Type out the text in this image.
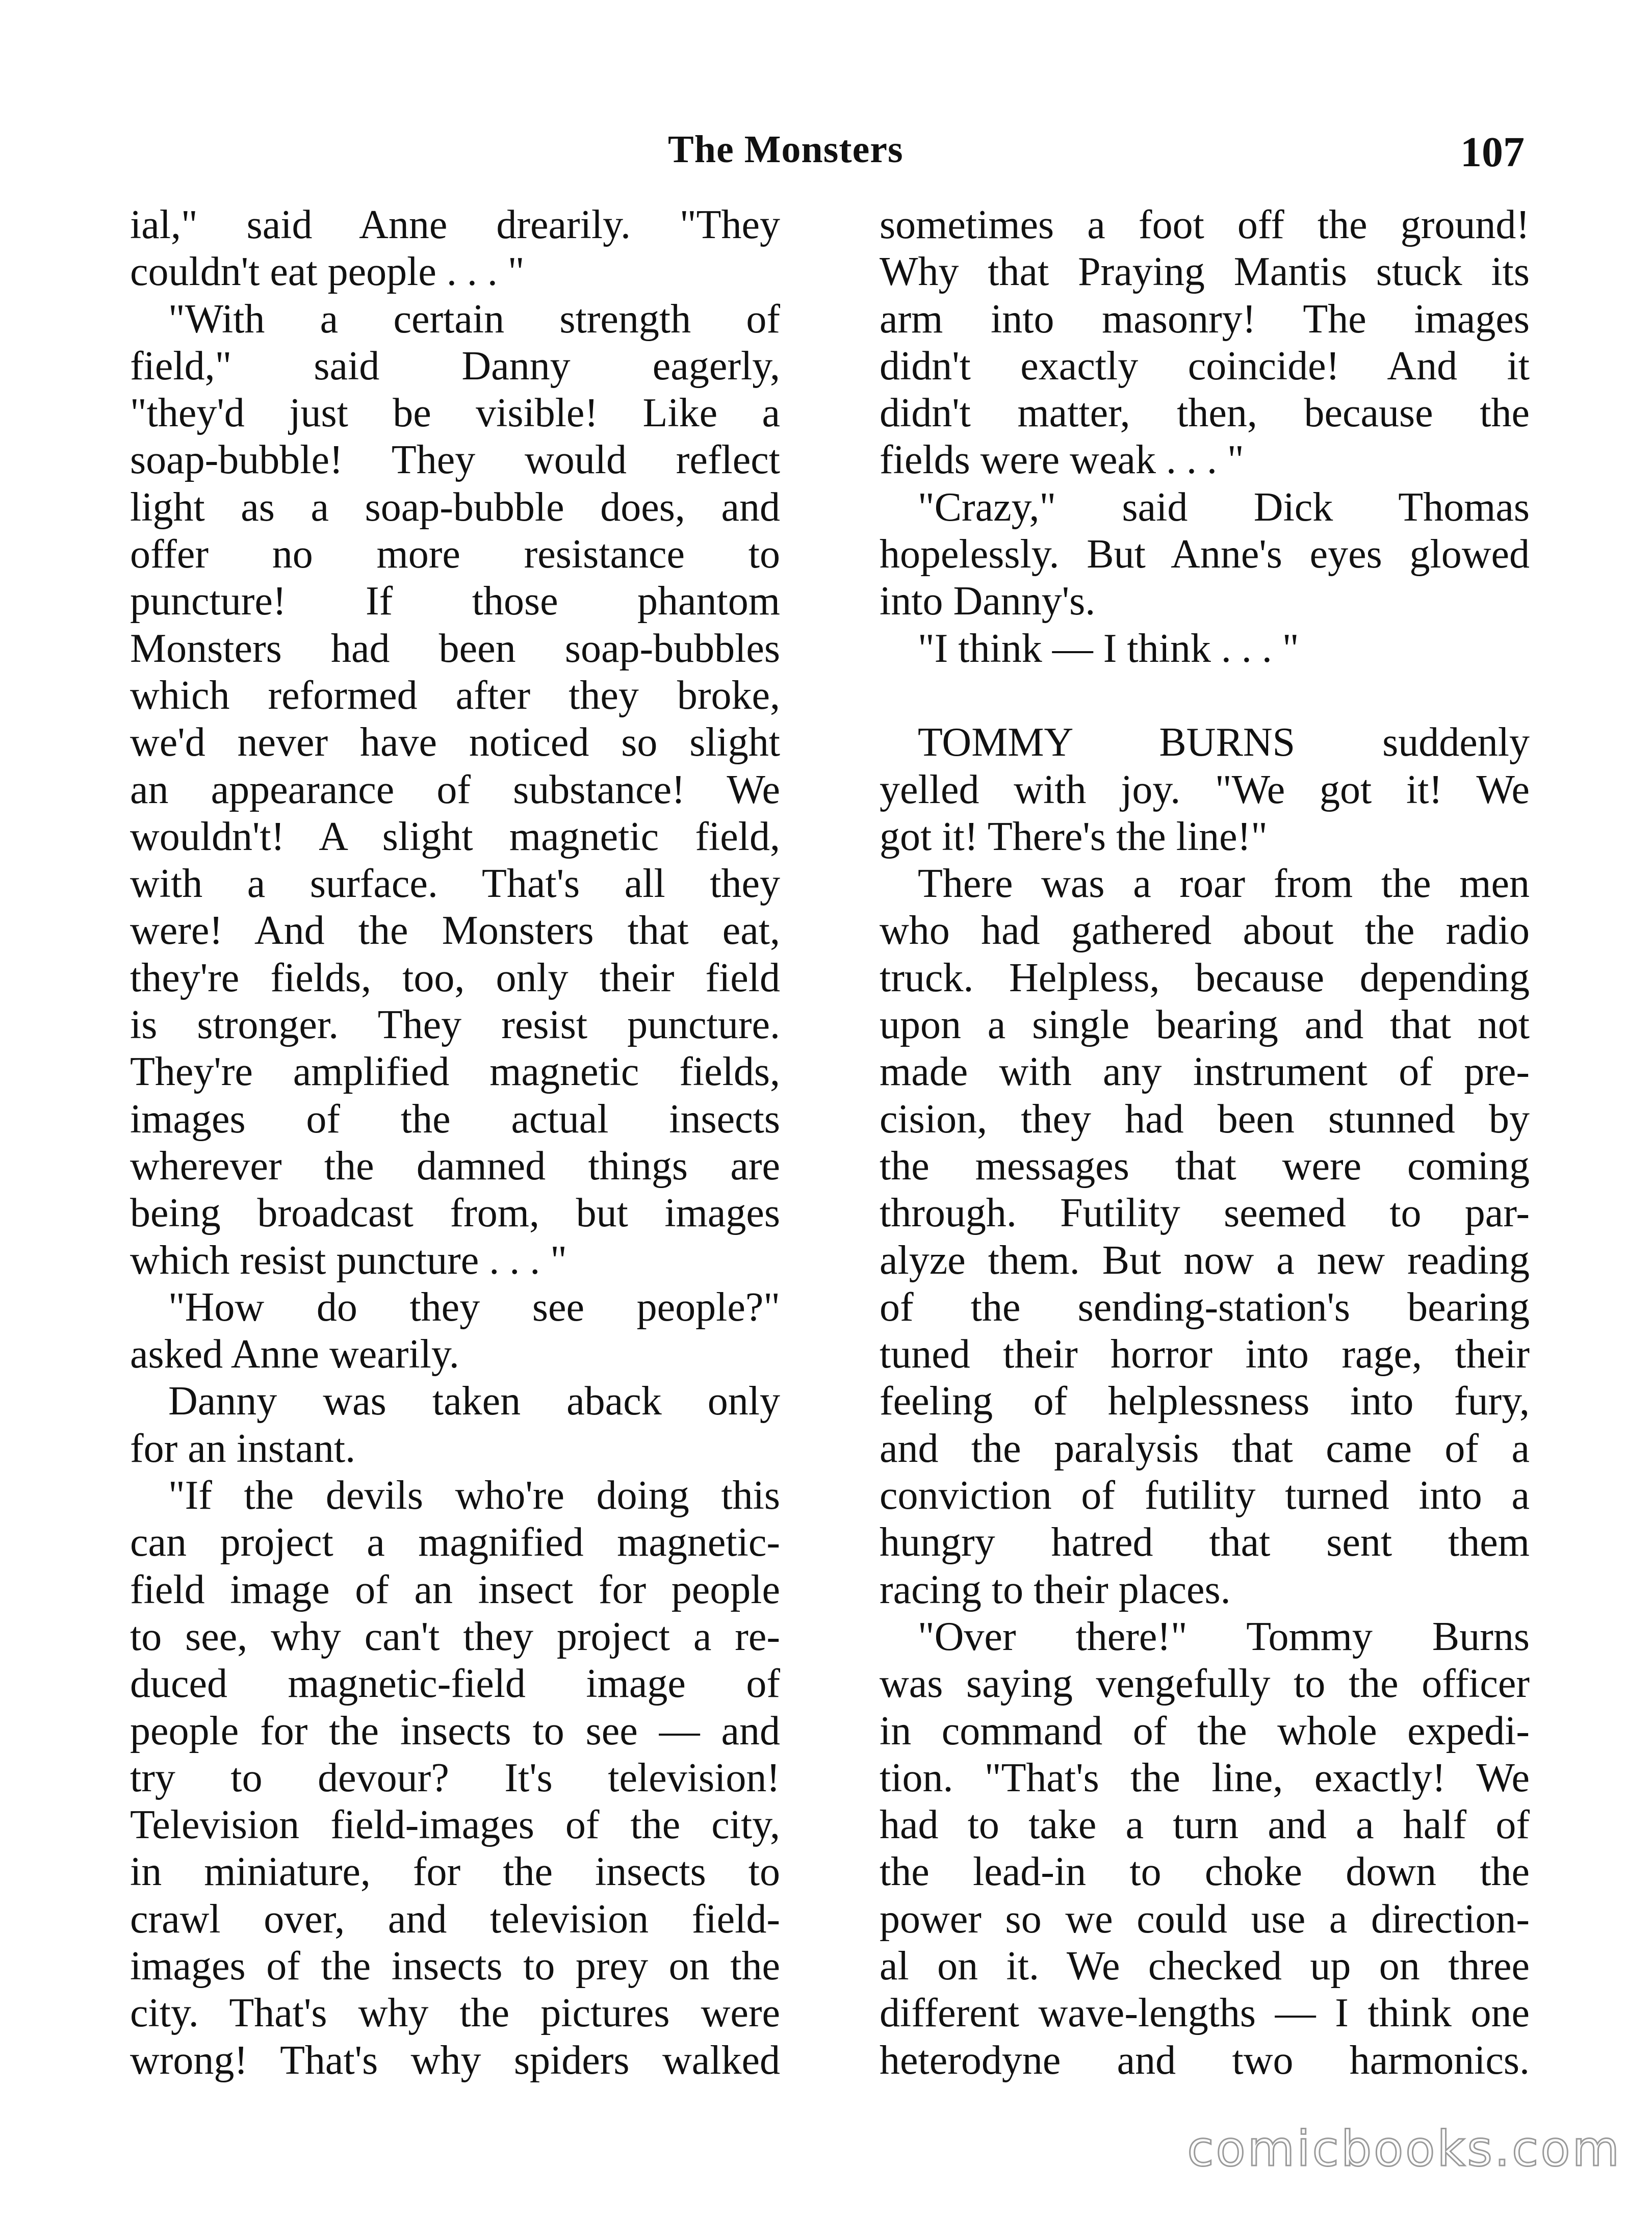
The Monsters	107
ial," said Anne drearily. "They
couldn't eat people . . . "
"With a certain strength of
field," said Danny eagerly,
"they'd just be visible! Like a
soap-bubble! They would reflect
light as a soap-bubble does, and
offer no more resistance to
puncture! If those phantom
Monsters had been soap-bubbles
which reformed after they broke,
we'd never have noticed so slight
an appearance of substance! We
wouldn't! A slight magnetic field,
with a surface. That's all they
were! And the Monsters that eat,
they're fields, too, only their field
is stronger. They resist puncture.
They're amplified magnetic fields,
images of the actual insects
wherever the damned things are
being broadcast from, but images
which resist puncture . . . "
"How do they see people?"
asked Anne wearily.
Danny was taken aback only
for an instant.
"If the devils who're doing this
can project a magnified magnetic-
field image of an insect for people
to see, why can't they project a re-
duced magnetic-field image of
people for the insects to see — and
try to devour? It's television!
Television field-images of the city,
in miniature, for the insects to
crawl over, and television field-
images of the insects to prey on the
city. That's why the pictures were
wrong! That's why spiders walked
sometimes a foot off the ground!
Why that Praying Mantis stuck its
arm into masonry! The images
didn't exactly coincide! And it
didn't matter, then, because the
fields were weak . . . "
"Crazy," said Dick Thomas
hopelessly. But Anne's eyes glowed
into Danny's.
"I think — I think . . . "
TOMMY BURNS suddenly
yelled with joy. "We got it! We
got it! There's the line!"
There was a roar from the men
who had gathered about the radio
truck. Helpless, because depending
upon a single bearing and that not
made with any instrument of pre-
cision, they had been stunned by
the messages that were coming
through. Futility seemed to par-
alyze them. But now a new reading
of the sending-station's bearing
tuned their horror into rage, their
feeling of helplessness into fury,
and the paralysis that came of a
conviction of futility turned into a
hungry hatred that sent them
racing to their places.
"Over there!" Tommy Burns
was saying vengefully to the officer
in command of the whole expedi-
tion. "That's the line, exactly! We
had to take a turn and a half of
the lead-in to choke down the
power so we could use a direction-
al on it. We checked up on three
different wave-lengths — I think one
heterodyne and two harmonics.
comicbooks.com
